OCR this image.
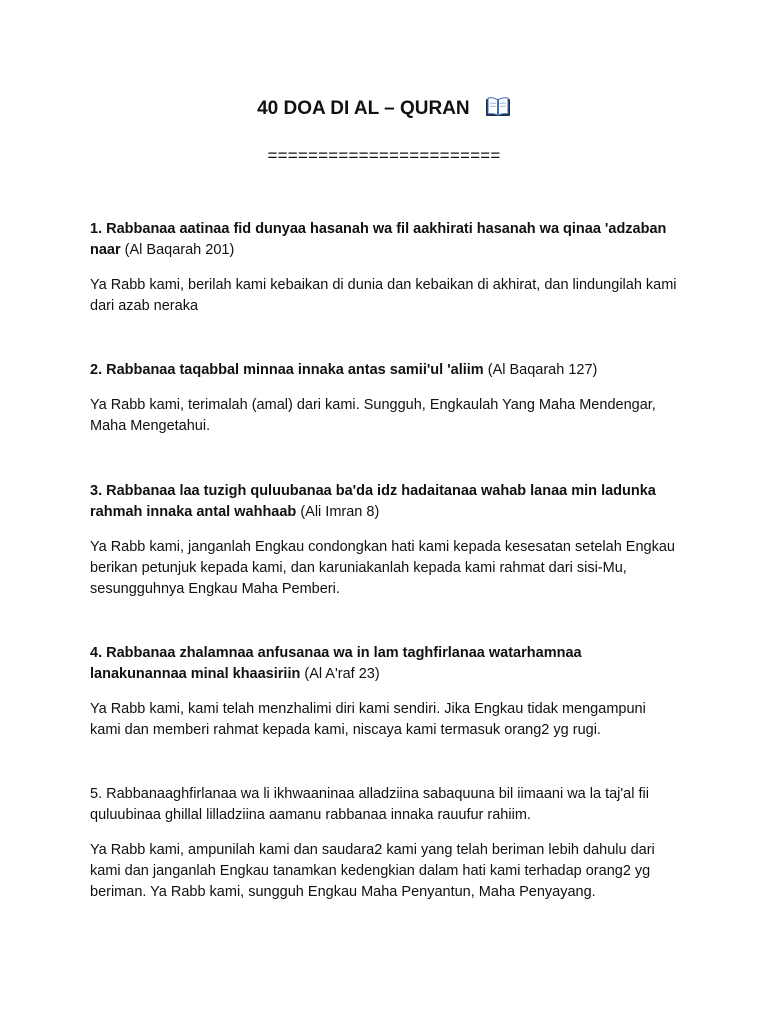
40 DOA DI AL – QURAN
=======================

1. Rabbanaa aatinaa fid dunyaa hasanah wa fil aakhirati hasanah wa qinaa 'adzaban naar (Al Baqarah 201)

Ya Rabb kami, berilah kami kebaikan di dunia dan kebaikan di akhirat, dan lindungilah kami dari azab neraka

2. Rabbanaa taqabbal minnaa innaka antas samii'ul 'aliim (Al Baqarah 127)

Ya Rabb kami, terimalah (amal) dari kami. Sungguh, Engkaulah Yang Maha Mendengar, Maha Mengetahui.

3. Rabbanaa laa tuzigh quluubanaa ba'da idz hadaitanaa wahab lanaa min ladunka rahmah innaka antal wahhaab (Ali Imran 8)

Ya Rabb kami, janganlah Engkau condongkan hati kami kepada kesesatan setelah Engkau berikan petunjuk kepada kami, dan karuniakanlah kepada kami rahmat dari sisi-Mu, sesungguhnya Engkau Maha Pemberi.

4. Rabbanaa zhalamnaa anfusanaa wa in lam taghfirlanaa watarhamnaa lanakunannaa minal khaasiriin (Al A'raf 23)

Ya Rabb kami, kami telah menzhalimi diri kami sendiri. Jika Engkau tidak mengampuni kami dan memberi rahmat kepada kami, niscaya kami termasuk orang2 yg rugi.

5. Rabbanaaghfirlanaa wa li ikhwaaninaa alladziina sabaquuna bil iimaani wa la taj'al fii quluubinaa ghillal lilladziina aamanu rabbanaa innaka rauufur rahiim.

Ya Rabb kami, ampunilah kami dan saudara2 kami yang telah beriman lebih dahulu dari kami dan janganlah Engkau tanamkan kedengkian dalam hati kami terhadap orang2 yg beriman. Ya Rabb kami, sungguh Engkau Maha Penyantun, Maha Penyayang.
